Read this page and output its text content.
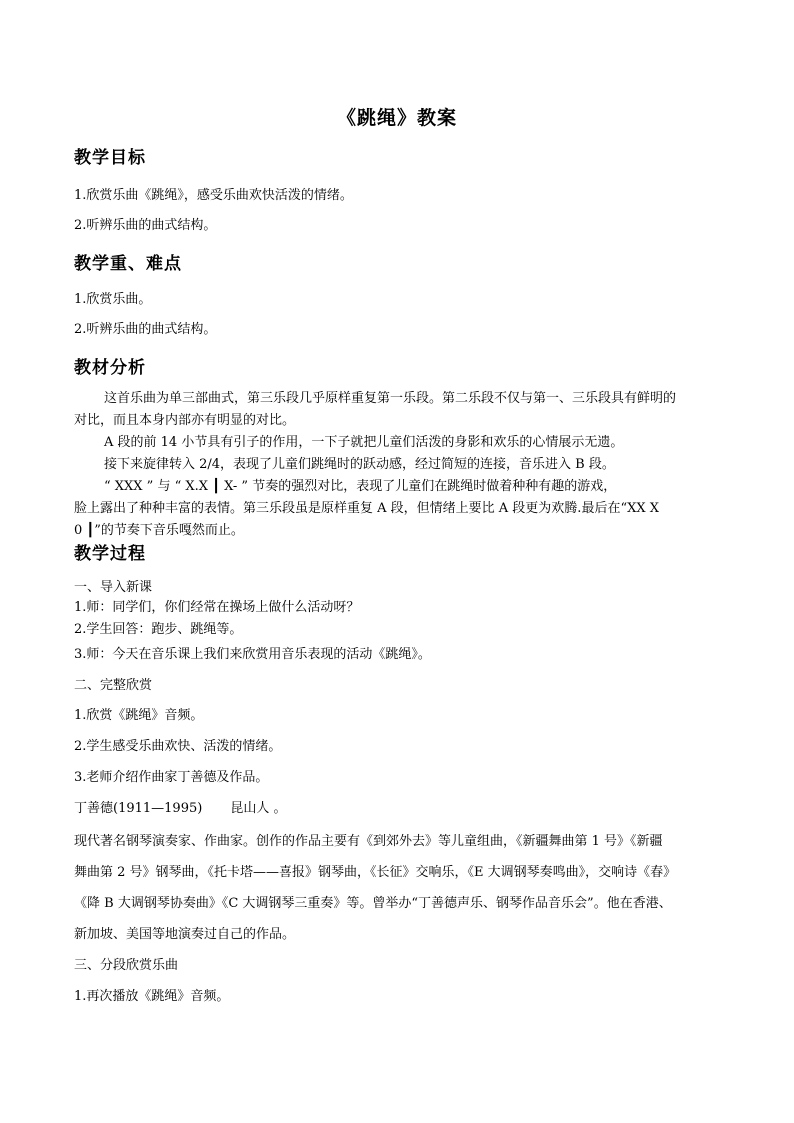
《跳绳》教案
教学目标
1.欣赏乐曲《跳绳》，感受乐曲欢快活泼的情绪。
2.听辨乐曲的曲式结构。
教学重、难点
1.欣赏乐曲。
2.听辨乐曲的曲式结构。
教材分析
这首乐曲为单三部曲式，第三乐段几乎原样重复第一乐段。第二乐段不仅与第一、三乐段具有鲜明的
对比，而且本身内部亦有明显的对比。
A 段的前 14 小节具有引子的作用，一下子就把儿童们活泼的身影和欢乐的心情展示无遗。
接下来旋律转入 2/4，表现了儿童们跳绳时的跃动感，经过简短的连接，音乐进入 B 段。
“ XXX ” 与 “ X.X ┃ X- ” 节奏的强烈对比，表现了儿童们在跳绳时做着种种有趣的游戏，
脸上露出了种种丰富的表情。第三乐段虽是原样重复 A 段，但情绪上要比 A 段更为欢腾.最后在“XX X
0 ┃”的节奏下音乐嘎然而止。
教学过程
一、导入新课
1.师：同学们，你们经常在操场上做什么活动呀？
2.学生回答：跑步、跳绳等。
3.师：今天在音乐课上我们来欣赏用音乐表现的活动《跳绳》。
二、完整欣赏
1.欣赏《跳绳》音频。
2.学生感受乐曲欢快、活泼的情绪。
3.老师介绍作曲家丁善德及作品。
丁善德(1911—1995) 昆山人 。
现代著名钢琴演奏家、作曲家。创作的作品主要有《到郊外去》等儿童组曲，《新疆舞曲第 1 号》《新疆
舞曲第 2 号》钢琴曲，《托卡塔——喜报》钢琴曲，《长征》交响乐，《E 大调钢琴奏鸣曲》，交响诗《春》
《降 B 大调钢琴协奏曲》《C 大调钢琴三重奏》等。曾举办“丁善德声乐、钢琴作品音乐会”。他在香港、
新加坡、美国等地演奏过自己的作品。
三、分段欣赏乐曲
1.再次播放《跳绳》音频。
